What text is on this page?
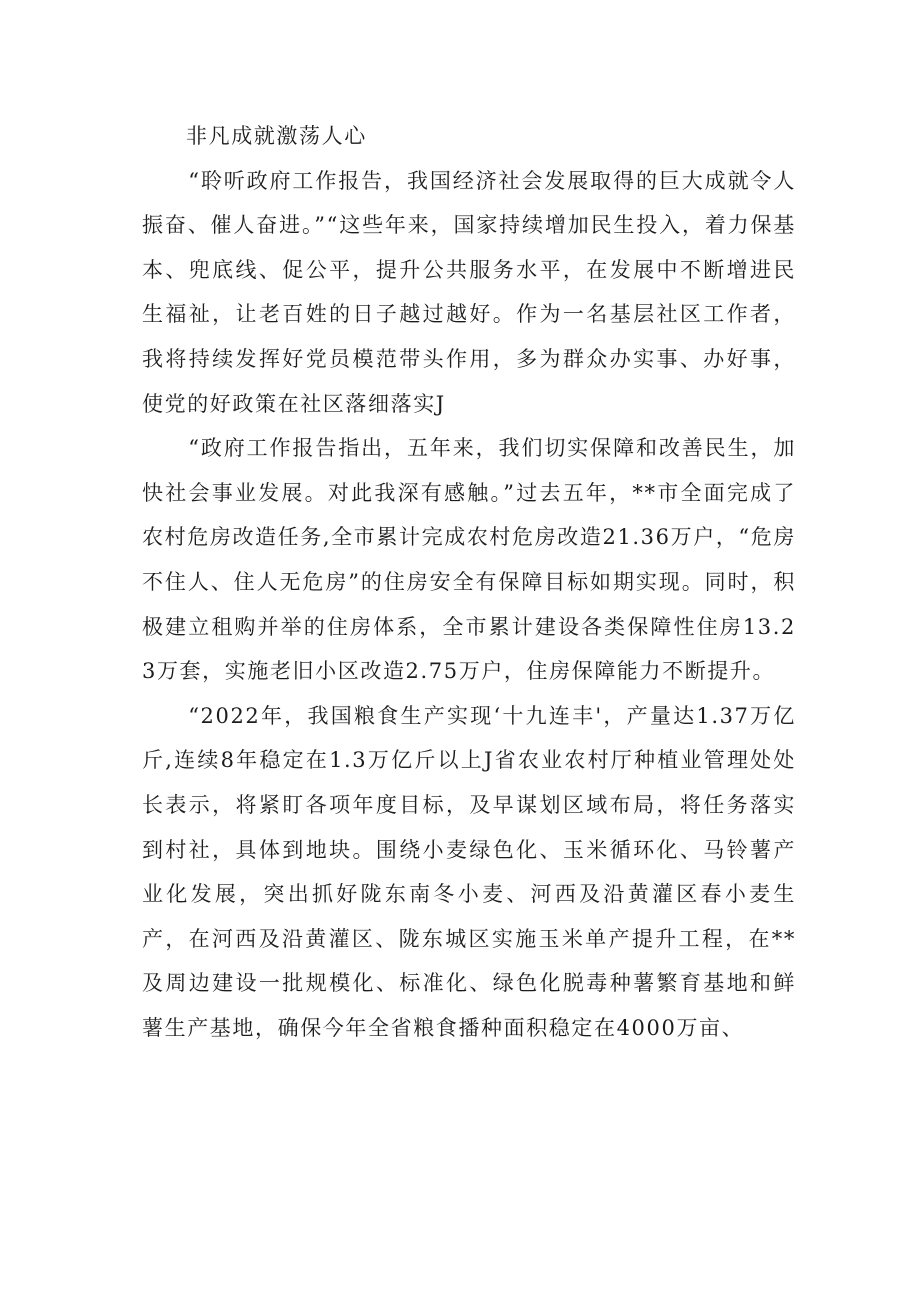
非凡成就激荡人心

“聆听政府工作报告，我国经济社会发展取得的巨大成就令人振奋、催人奋进。”“这些年来，国家持续增加民生投入，着力保基本、兜底线、促公平，提升公共服务水平，在发展中不断增进民生福祉，让老百姓的日子越过越好。作为一名基层社区工作者，我将持续发挥好党员模范带头作用，多为群众办实事、办好事，使党的好政策在社区落细落实J

“政府工作报告指出，五年来，我们切实保障和改善民生，加快社会事业发展。对此我深有感触。”过去五年，**市全面完成了农村危房改造任务,全市累计完成农村危房改造21.36万户，“危房不住人、住人无危房”的住房安全有保障目标如期实现。同时，积极建立租购并举的住房体系，全市累计建设各类保障性住房13.23万套，实施老旧小区改造2.75万户，住房保障能力不断提升。

“2022年，我国粮食生产实现‘十九连丰'，产量达1.37万亿斤,连续8年稳定在1.3万亿斤以上J省农业农村厅种植业管理处处长表示，将紧盯各项年度目标，及早谋划区域布局，将任务落实到村社，具体到地块。围绕小麦绿色化、玉米循环化、马铃薯产业化发展，突出抓好陇东南冬小麦、河西及沿黄灌区春小麦生产，在河西及沿黄灌区、陇东城区实施玉米单产提升工程，在**及周边建设一批规模化、标准化、绿色化脱毒种薯繁育基地和鲜薯生产基地，确保今年全省粮食播种面积稳定在4000万亩、
